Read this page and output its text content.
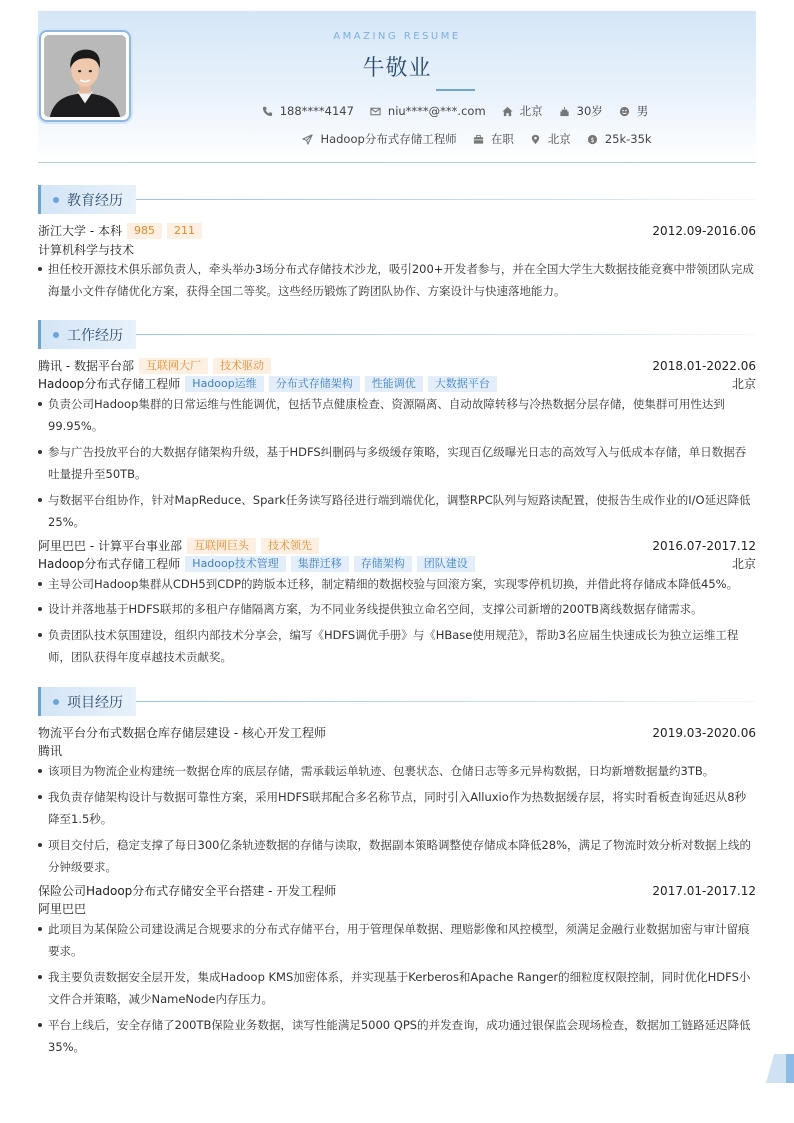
AMAZING RESUME
牛敬业
188****4147	niu****@***.com	北京	30岁	男
Hadoop分布式存储工程师	在职	北京	$ 25k-35k
教育经历
浙江大学 - 本科	985	211	2012.09-2016.06
计算机科学与技术
担任校开源技术俱乐部负责人，牵头举办3场分布式存储技术沙龙，吸引200+开发者参与，并在全国大学生大数据技能竞赛中带领团队完成海量小文件存储优化方案，获得全国二等奖。这些经历锻炼了跨团队协作、方案设计与快速落地能力。
工作经历
腾讯 - 数据平台部	互联网大厂	技术驱动	2018.01-2022.06
Hadoop分布式存储工程师	Hadoop运维	分布式存储架构	性能调优	大数据平台	北京
负责公司Hadoop集群的日常运维与性能调优，包括节点健康检查、资源隔离、自动故障转移与冷热数据分层存储，使集群可用性达到99.95%。
参与广告投放平台的大数据存储架构升级，基于HDFS纠删码与多级缓存策略，实现百亿级曝光日志的高效写入与低成本存储，单日数据吞吐量提升至50TB。
与数据平台组协作，针对MapReduce、Spark任务读写路径进行端到端优化，调整RPC队列与短路读配置，使报告生成作业的I/O延迟降低25%。
阿里巴巴 - 计算平台事业部	互联网巨头	技术领先	2016.07-2017.12
Hadoop分布式存储工程师	Hadoop技术管理	集群迁移	存储架构	团队建设	北京
主导公司Hadoop集群从CDH5到CDP的跨版本迁移，制定精细的数据校验与回滚方案，实现零停机切换，并借此将存储成本降低45%。
设计并落地基于HDFS联邦的多租户存储隔离方案，为不同业务线提供独立命名空间，支撑公司新增的200TB离线数据存储需求。
负责团队技术氛围建设，组织内部技术分享会，编写《HDFS调优手册》与《HBase使用规范》，帮助3名应届生快速成长为独立运维工程师，团队获得年度卓越技术贡献奖。
项目经历
物流平台分布式数据仓库存储层建设 - 核心开发工程师	2019.03-2020.06
腾讯
该项目为物流企业构建统一数据仓库的底层存储，需承载运单轨迹、包裹状态、仓储日志等多元异构数据，日均新增数据量约3TB。
我负责存储架构设计与数据可靠性方案，采用HDFS联邦配合多名称节点，同时引入Alluxio作为热数据缓存层，将实时看板查询延迟从8秒降至1.5秒。
项目交付后，稳定支撑了每日300亿条轨迹数据的存储与读取，数据副本策略调整使存储成本降低28%，满足了物流时效分析对数据上线的分钟级要求。
保险公司Hadoop分布式存储安全平台搭建 - 开发工程师	2017.01-2017.12
阿里巴巴
此项目为某保险公司建设满足合规要求的分布式存储平台，用于管理保单数据、理赔影像和风控模型，须满足金融行业数据加密与审计留痕要求。
我主要负责数据安全层开发，集成Hadoop KMS加密体系，并实现基于Kerberos和Apache Ranger的细粒度权限控制，同时优化HDFS小文件合并策略，减少NameNode内存压力。
平台上线后，安全存储了200TB保险业务数据，读写性能满足5000 QPS的并发查询，成功通过银保监会现场检查，数据加工链路延迟降低35%。
